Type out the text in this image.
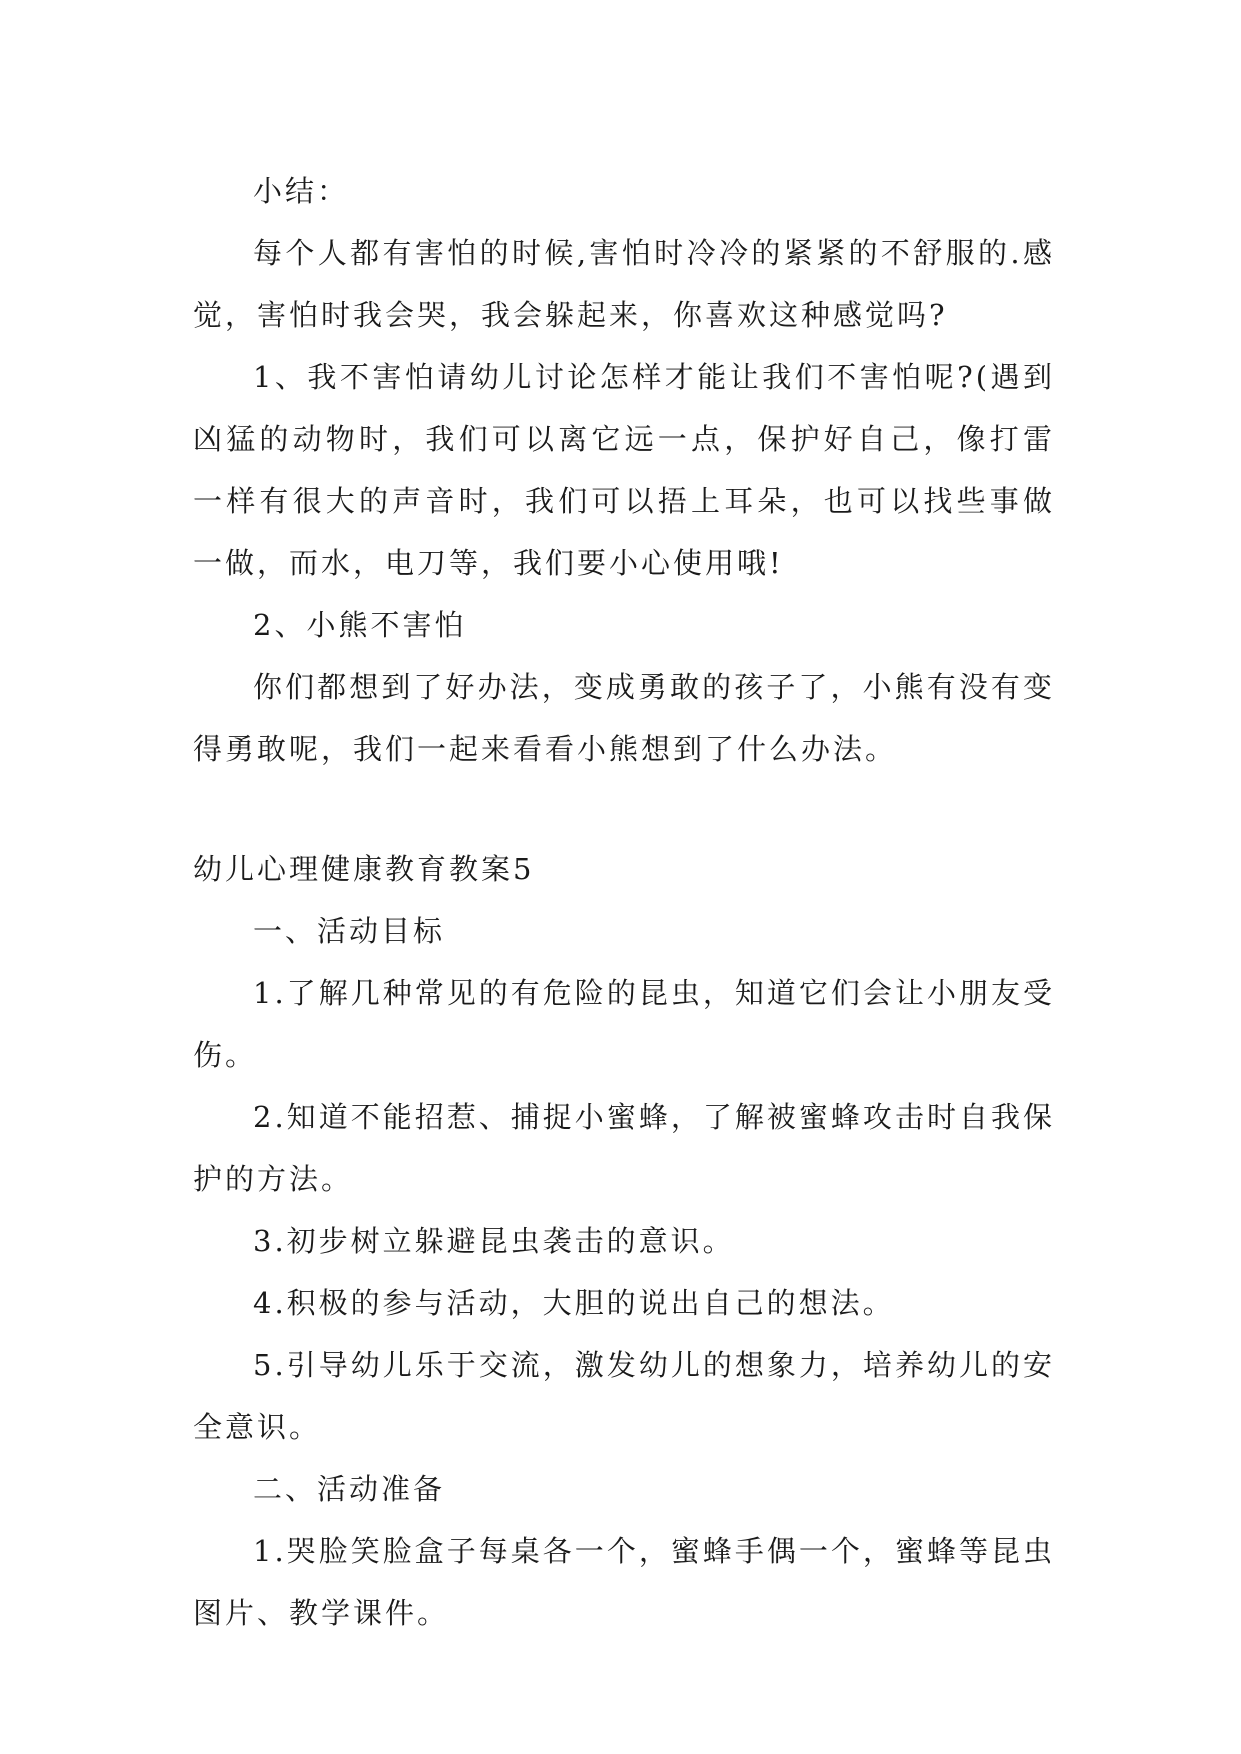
小结：

每个人都有害怕的时候,害怕时冷冷的紧紧的不舒服的.感觉，害怕时我会哭，我会躲起来，你喜欢这种感觉吗?

1、我不害怕请幼儿讨论怎样才能让我们不害怕呢?(遇到凶猛的动物时，我们可以离它远一点，保护好自己，像打雷一样有很大的声音时，我们可以捂上耳朵，也可以找些事做一做，而水，电刀等，我们要小心使用哦!

2、小熊不害怕

你们都想到了好办法，变成勇敢的孩子了，小熊有没有变得勇敢呢，我们一起来看看小熊想到了什么办法。

幼儿心理健康教育教案5

一、活动目标

1.了解几种常见的有危险的昆虫，知道它们会让小朋友受伤。

2.知道不能招惹、捕捉小蜜蜂，了解被蜜蜂攻击时自我保护的方法。

3.初步树立躲避昆虫袭击的意识。

4.积极的参与活动，大胆的说出自己的想法。

5.引导幼儿乐于交流，激发幼儿的想象力，培养幼儿的安全意识。

二、活动准备

1.哭脸笑脸盒子每桌各一个，蜜蜂手偶一个，蜜蜂等昆虫图片、教学课件。
